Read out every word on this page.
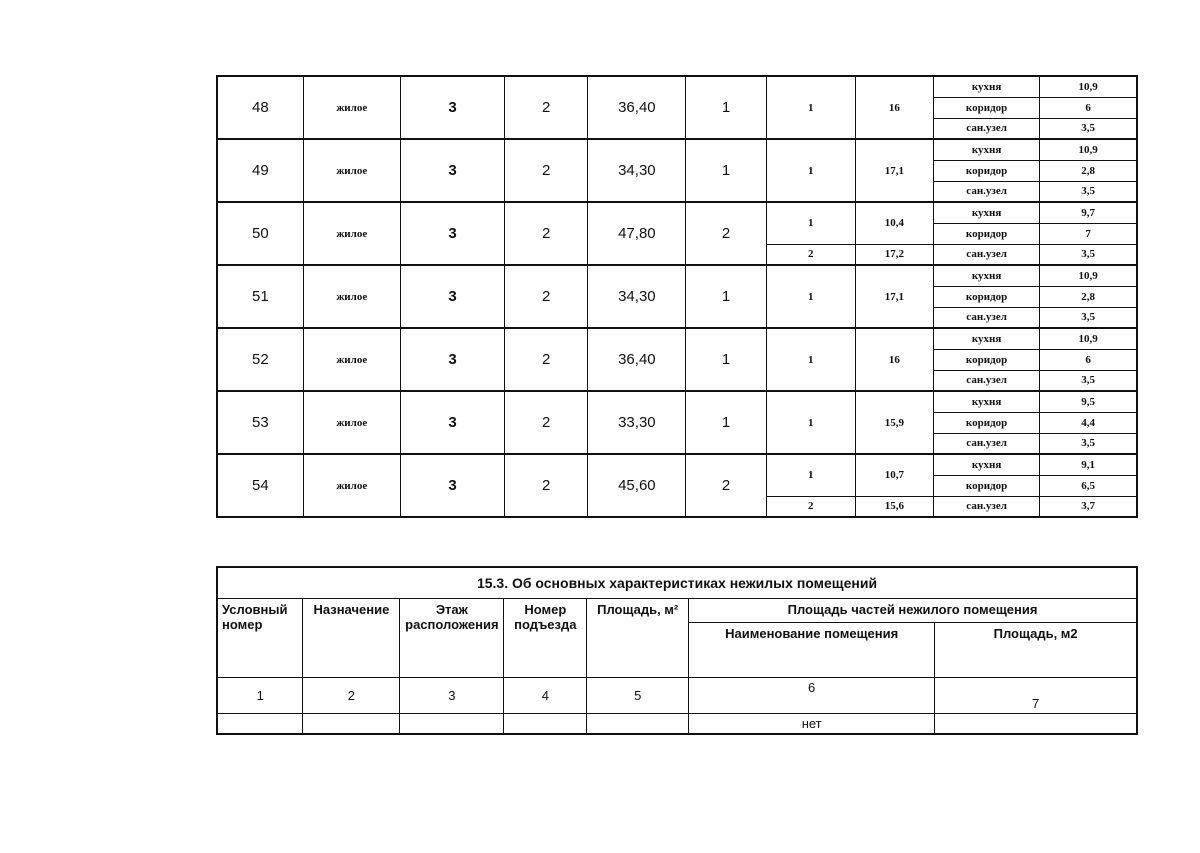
48	жилое	3	2	36,40	1	1	16	кухня	10,9
								коридор	6
								сан.узел	3,5
49	жилое	3	2	34,30	1	1	17,1	кухня	10,9
								коридор	2,8
								сан.узел	3,5
50	жилое	3	2	47,80	2	1	10,4	кухня	9,7
								коридор	7
						2	17,2	сан.узел	3,5
51	жилое	3	2	34,30	1	1	17,1	кухня	10,9
								коридор	2,8
								сан.узел	3,5
52	жилое	3	2	36,40	1	1	16	кухня	10,9
								коридор	6
								сан.узел	3,5
53	жилое	3	2	33,30	1	1	15,9	кухня	9,5
								коридор	4,4
								сан.узел	3,5
54	жилое	3	2	45,60	2	1	10,7	кухня	9,1
								коридор	6,5
						2	15,6	сан.узел	3,7
15.3. Об основных характеристиках нежилых помещений						
Условный номер	Назначение	Этаж расположения	Номер подъезда	Площадь, м²	Площадь частей нежилого помещения	
					Наименование помещения	Площадь, м2
1	2	3	4	5	6	7
					нет	
